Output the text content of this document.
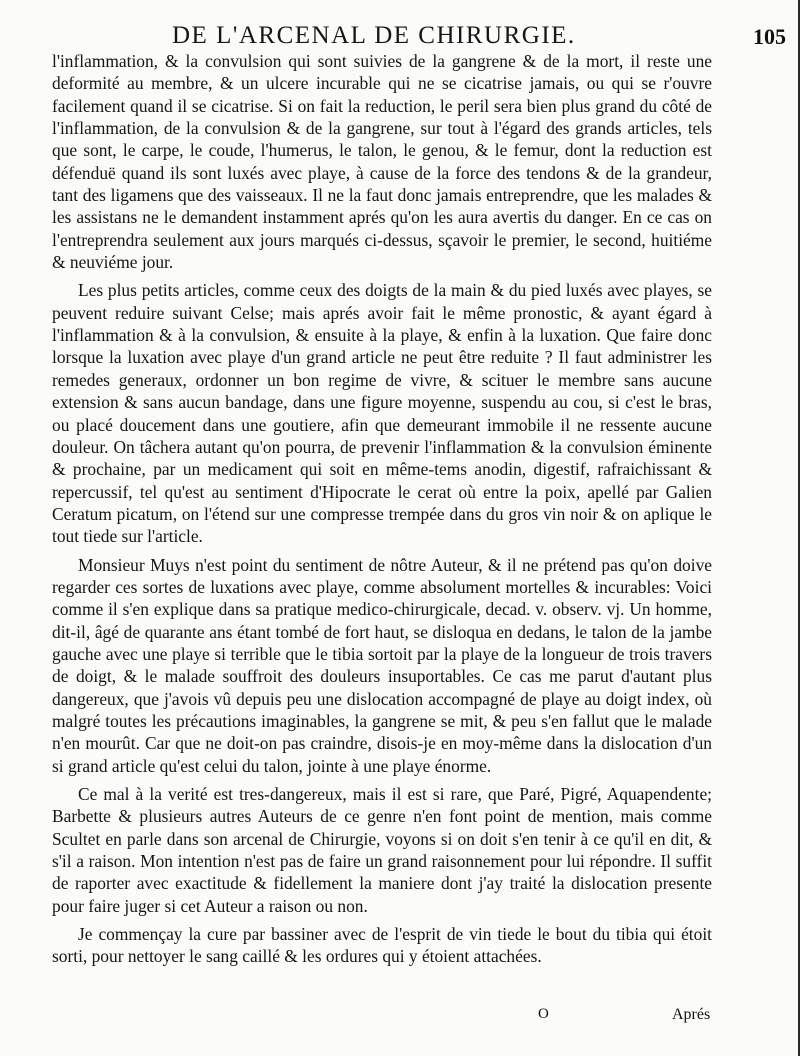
DE L'ARCENAL DE CHIRURGIE.	105

l'inflammation, & la convulsion qui sont suivies de la gangrene & de la mort, il reste une deformité au membre, & un ulcere incurable qui ne se cicatrise jamais, ou qui se r'ouvre facilement quand il se cicatrise. Si on fait la reduction, le peril sera bien plus grand du côté de l'inflammation, de la convulsion & de la gangrene, sur tout à l'égard des grands articles, tels que sont, le carpe, le coude, l'humerus, le talon, le genou, & le femur, dont la reduction est défenduë quand ils sont luxés avec playe, à cause de la force des tendons & de la grandeur, tant des ligamens que des vaisseaux. Il ne la faut donc jamais entreprendre, que les malades & les assistans ne le demandent instamment aprés qu'on les aura avertis du danger. En ce cas on l'entreprendra seulement aux jours marqués ci-dessus, sçavoir le premier, le second, huitiéme & neuviéme jour.

Les plus petits articles, comme ceux des doigts de la main & du pied luxés avec playes, se peuvent reduire suivant Celse; mais aprés avoir fait le même pronostic, & ayant égard à l'inflammation & à la convulsion, & ensuite à la playe, & enfin à la luxation. Que faire donc lorsque la luxation avec playe d'un grand article ne peut être reduite ? Il faut administrer les remedes generaux, ordonner un bon regime de vivre, & scituer le membre sans aucune extension & sans aucun bandage, dans une figure moyenne, suspendu au cou, si c'est le bras, ou placé doucement dans une goutiere, afin que demeurant immobile il ne ressente aucune douleur. On tâchera autant qu'on pourra, de prevenir l'inflammation & la convulsion éminente & prochaine, par un medicament qui soit en même-tems anodin, digestif, rafraichissant & repercussif, tel qu'est au sentiment d'Hipocrate le cerat où entre la poix, apellé par Galien Ceratum picatum, on l'étend sur une compresse trempée dans du gros vin noir & on aplique le tout tiede sur l'article.

Monsieur Muys n'est point du sentiment de nôtre Auteur, & il ne prétend pas qu'on doive regarder ces sortes de luxations avec playe, comme absolument mortelles & incurables: Voici comme il s'en explique dans sa pratique medico-chirurgicale, decad. v. observ. vj. Un homme, dit-il, âgé de quarante ans étant tombé de fort haut, se disloqua en dedans, le talon de la jambe gauche avec une playe si terrible que le tibia sortoit par la playe de la longueur de trois travers de doigt, & le malade souffroit des douleurs insuportables. Ce cas me parut d'autant plus dangereux, que j'avois vû depuis peu une dislocation accompagné de playe au doigt index, où malgré toutes les précautions imaginables, la gangrene se mit, & peu s'en fallut que le malade n'en mourût. Car que ne doit-on pas craindre, disois-je en moy-même dans la dislocation d'un si grand article qu'est celui du talon, jointe à une playe énorme.

Ce mal à la verité est tres-dangereux, mais il est si rare, que Paré, Pigré, Aquapendente; Barbette & plusieurs autres Auteurs de ce genre n'en font point de mention, mais comme Scultet en parle dans son arcenal de Chirurgie, voyons si on doit s'en tenir à ce qu'il en dit, & s'il a raison. Mon intention n'est pas de faire un grand raisonnement pour lui répondre. Il suffit de raporter avec exactitude & fidellement la maniere dont j'ay traité la dislocation presente pour faire juger si cet Auteur a raison ou non.

Je commençay la cure par bassiner avec de l'esprit de vin tiede le bout du tibia qui étoit sorti, pour nettoyer le sang caillé & les ordures qui y étoient attachées.

O	Aprés
